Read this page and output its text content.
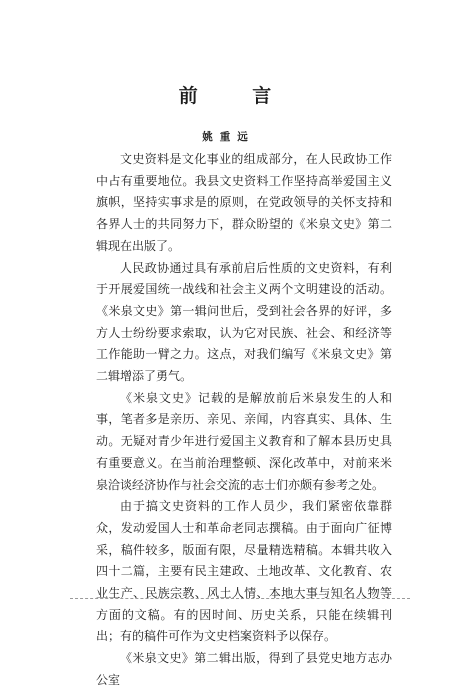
前 言
姚重远

文史资料是文化事业的组成部分，在人民政协工作中占有重要地位。我县文史资料工作坚持高举爱国主义旗帜，坚持实事求是的原则，在党政领导的关怀支持和各界人士的共同努力下，群众盼望的《米泉文史》第二辑现在出版了。

人民政协通过具有承前启后性质的文史资料，有利于开展爱国统一战线和社会主义两个文明建设的活动。《米泉文史》第一辑问世后，受到社会各界的好评，多方人士纷纷要求索取，认为它对民族、社会、和经济等工作能助一臂之力。这点，对我们编写《米泉文史》第二辑增添了勇气。

《米泉文史》记载的是解放前后米泉发生的人和事，笔者多是亲历、亲见、亲闻，内容真实、具体、生动。无疑对青少年进行爱国主义教育和了解本县历史具有重要意义。在当前治理整顿、深化改革中，对前来米泉洽谈经济协作与社会交流的志士们亦颇有参考之处。

由于搞文史资料的工作人员少，我们紧密依靠群众，发动爱国人士和革命老同志撰稿。由于面向广征博采，稿件较多，版面有限，尽量精选精稿。本辑共收入四十二篇，主要有民主建政、土地改革、文化教育、农业生产、民族宗教、风土人情、本地大事与知名人物等方面的文稿。有的因时间、历史关系，只能在续辑刊出；有的稿件可作为文史档案资料予以保存。

《米泉文史》第二辑出版，得到了县党史地方志办公室
